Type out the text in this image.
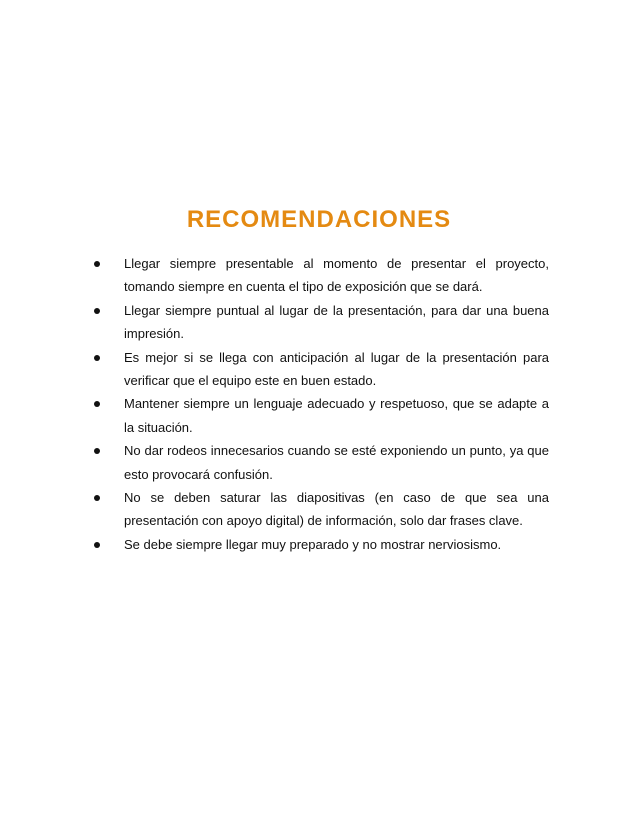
RECOMENDACIONES
Llegar siempre presentable al momento de presentar el proyecto, tomando siempre en cuenta el tipo de exposición que se dará.
Llegar siempre puntual al lugar de la presentación, para dar una buena impresión.
Es mejor si se llega con anticipación al lugar de la presentación para verificar que el equipo este en buen estado.
Mantener siempre un lenguaje adecuado y respetuoso, que se adapte a la situación.
No dar rodeos innecesarios cuando se esté exponiendo un punto, ya que esto provocará confusión.
No se deben saturar las diapositivas (en caso de que sea una presentación con apoyo digital) de información, solo dar frases clave.
Se debe siempre llegar muy preparado y no mostrar nerviosismo.
